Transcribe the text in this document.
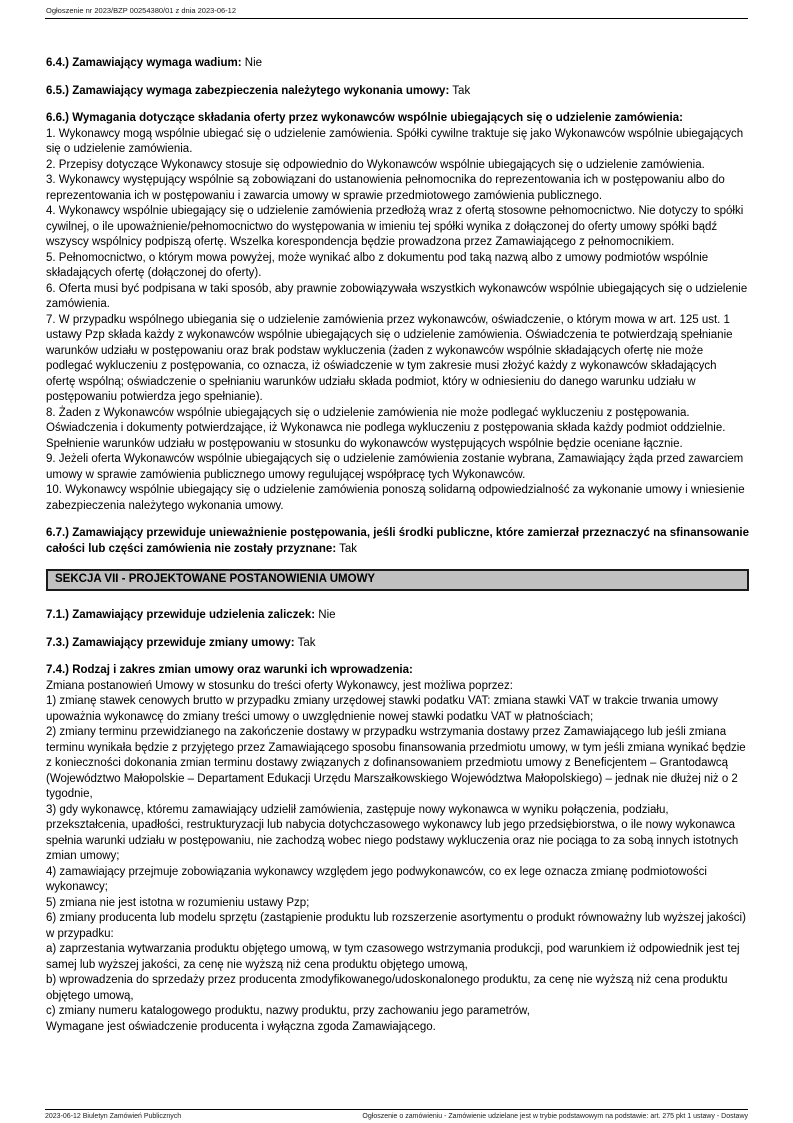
Ogłoszenie nr 2023/BZP 00254380/01 z dnia 2023-06-12

6.4.) Zamawiający wymaga wadium: Nie

6.5.) Zamawiający wymaga zabezpieczenia należytego wykonania umowy: Tak

6.6.) Wymagania dotyczące składania oferty przez wykonawców wspólnie ubiegających się o udzielenie zamówienia:

1. Wykonawcy mogą wspólnie ubiegać się o udzielenie zamówienia. Spółki cywilne traktuje się jako Wykonawców wspólnie ubiegających się o udzielenie zamówienia.
2. Przepisy dotyczące Wykonawcy stosuje się odpowiednio do Wykonawców wspólnie ubiegających się o udzielenie zamówienia.
3. Wykonawcy występujący wspólnie są zobowiązani do ustanowienia pełnomocnika do reprezentowania ich w postępowaniu albo do reprezentowania ich w postępowaniu i zawarcia umowy w sprawie przedmiotowego zamówienia publicznego.
4. Wykonawcy wspólnie ubiegający się o udzielenie zamówienia przedłożą wraz z ofertą stosowne pełnomocnictwo. Nie dotyczy to spółki cywilnej, o ile upoważnienie/pełnomocnictwo do występowania w imieniu tej spółki wynika z dołączonej do oferty umowy spółki bądź wszyscy wspólnicy podpiszą ofertę. Wszelka korespondencja będzie prowadzona przez Zamawiającego z pełnomocnikiem.
5. Pełnomocnictwo, o którym mowa powyżej, może wynikać albo z dokumentu pod taką nazwą albo z umowy podmiotów wspólnie składających ofertę (dołączonej do oferty).
6. Oferta musi być podpisana w taki sposób, aby prawnie zobowiązywała wszystkich wykonawców wspólnie ubiegających się o udzielenie zamówienia.
7. W przypadku wspólnego ubiegania się o udzielenie zamówienia przez wykonawców, oświadczenie, o którym mowa w art. 125 ust. 1 ustawy Pzp składa każdy z wykonawców wspólnie ubiegających się o udzielenie zamówienia. Oświadczenia te potwierdzają spełnianie warunków udziału w postępowaniu oraz brak podstaw wykluczenia (żaden z wykonawców wspólnie składających ofertę nie może podlegać wykluczeniu z postępowania, co oznacza, iż oświadczenie w tym zakresie musi złożyć każdy z wykonawców składających ofertę wspólną; oświadczenie o spełnianiu warunków udziału składa podmiot, który w odniesieniu do danego warunku udziału w postępowaniu potwierdza jego spełnianie).
8. Żaden z Wykonawców wspólnie ubiegających się o udzielenie zamówienia nie może podlegać wykluczeniu z postępowania. Oświadczenia i dokumenty potwierdzające, iż Wykonawca nie podlega wykluczeniu z postępowania składa każdy podmiot oddzielnie. Spełnienie warunków udziału w postępowaniu w stosunku do wykonawców występujących wspólnie będzie oceniane łącznie.
9. Jeżeli oferta Wykonawców wspólnie ubiegających się o udzielenie zamówienia zostanie wybrana, Zamawiający żąda przed zawarciem umowy w sprawie zamówienia publicznego umowy regulującej współpracę tych Wykonawców.
10. Wykonawcy wspólnie ubiegający się o udzielenie zamówienia ponoszą solidarną odpowiedzialność za wykonanie umowy i wniesienie zabezpieczenia należytego wykonania umowy.

6.7.) Zamawiający przewiduje unieważnienie postępowania, jeśli środki publiczne, które zamierzał przeznaczyć na sfinansowanie całości lub części zamówienia nie zostały przyznane: Tak

SEKCJA VII - PROJEKTOWANE POSTANOWIENIA UMOWY

7.1.) Zamawiający przewiduje udzielenia zaliczek: Nie

7.3.) Zamawiający przewiduje zmiany umowy: Tak

7.4.) Rodzaj i zakres zmian umowy oraz warunki ich wprowadzenia:

Zmiana postanowień Umowy w stosunku do treści oferty Wykonawcy, jest możliwa poprzez:
1) zmianę stawek cenowych brutto w przypadku zmiany urzędowej stawki podatku VAT: zmiana stawki VAT w trakcie trwania umowy upoważnia wykonawcę do zmiany treści umowy o uwzględnienie nowej stawki podatku VAT w płatnościach;
2) zmiany terminu przewidzianego na zakończenie dostawy w przypadku wstrzymania dostawy przez Zamawiającego lub jeśli zmiana terminu wynikała będzie z przyjętego przez Zamawiającego sposobu finansowania przedmiotu umowy, w tym jeśli zmiana wynikać będzie z konieczności dokonania zmian terminu dostawy związanych z dofinansowaniem przedmiotu umowy z Beneficjentem – Grantodawcą (Województwo Małopolskie – Departament Edukacji Urzędu Marszałkowskiego Województwa Małopolskiego) – jednak nie dłużej niż o 2 tygodnie,
3) gdy wykonawcę, któremu zamawiający udzielił zamówienia, zastępuje nowy wykonawca w wyniku połączenia, podziału, przekształcenia, upadłości, restrukturyzacji lub nabycia dotychczasowego wykonawcy lub jego przedsiębiorstwa, o ile nowy wykonawca spełnia warunki udziału w postępowaniu, nie zachodzą wobec niego podstawy wykluczenia oraz nie pociąga to za sobą innych istotnych zmian umowy;
4) zamawiający przejmuje zobowiązania wykonawcy względem jego podwykonawców, co ex lege oznacza zmianę podmiotowości wykonawcy;
5) zmiana nie jest istotna w rozumieniu ustawy Pzp;
6) zmiany producenta lub modelu sprzętu (zastąpienie produktu lub rozszerzenie asortymentu o produkt równoważny lub wyższej jakości) w przypadku:
a) zaprzestania wytwarzania produktu objętego umową, w tym czasowego wstrzymania produkcji, pod warunkiem iż odpowiednik jest tej samej lub wyższej jakości, za cenę nie wyższą niż cena produktu objętego umową,
b) wprowadzenia do sprzedaży przez producenta zmodyfikowanego/udoskonalonego produktu, za cenę nie wyższą niż cena produktu objętego umową,
c) zmiany numeru katalogowego produktu, nazwy produktu, przy zachowaniu jego parametrów,
Wymagane jest oświadczenie producenta i wyłączna zgoda Zamawiającego.
2023-06-12 Biuletyn Zamówień Publicznych	Ogłoszenie o zamówieniu - Zamówienie udzielane jest w trybie podstawowym na podstawie: art. 275 pkt 1 ustawy - Dostawy
